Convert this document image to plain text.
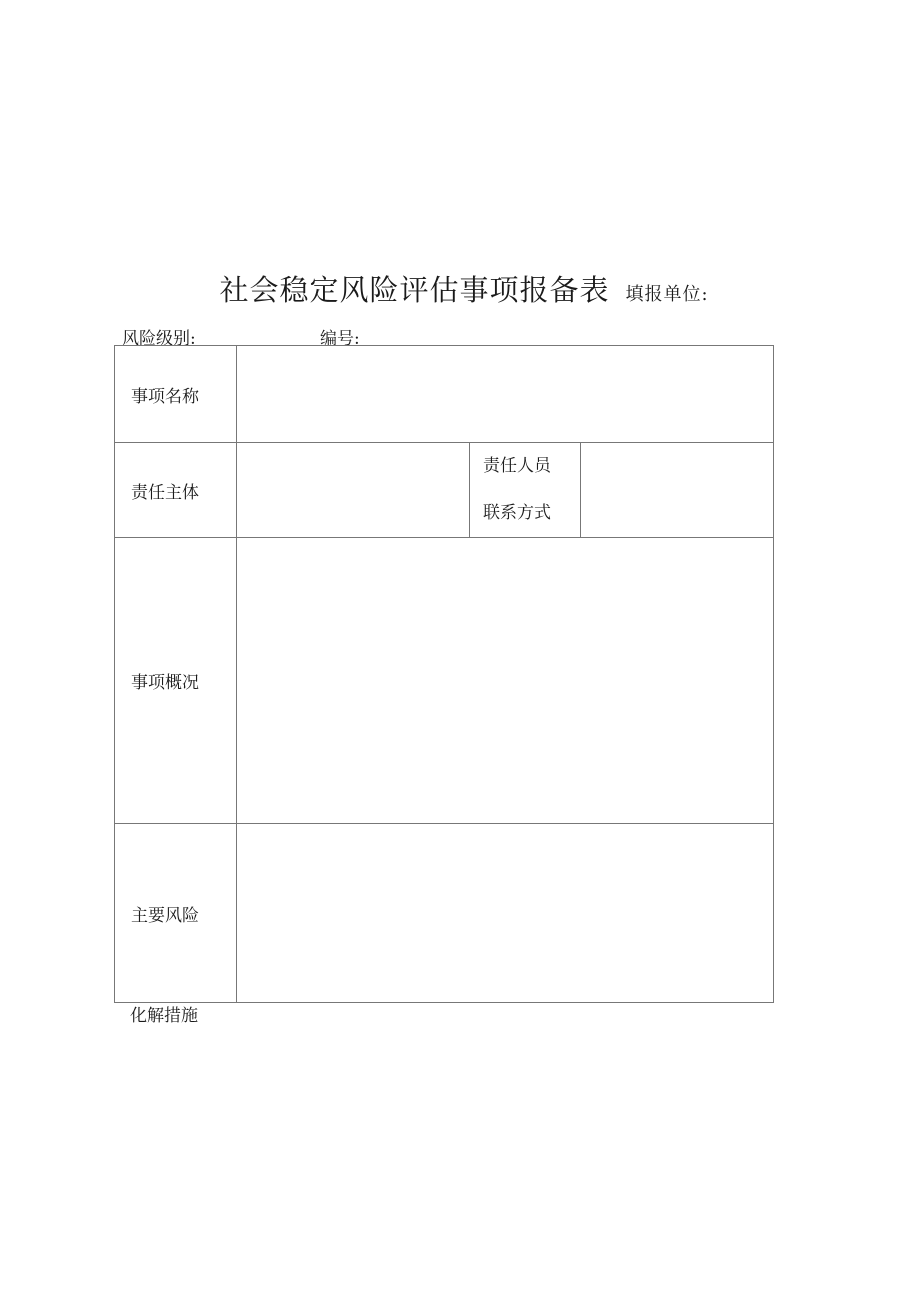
社会稳定风险评估事项报备表 填报单位:
风险级别:	编号:
事项名称			
责任主体		责任人员
联系方式	

事项概况			
主要风险			
化解措施
